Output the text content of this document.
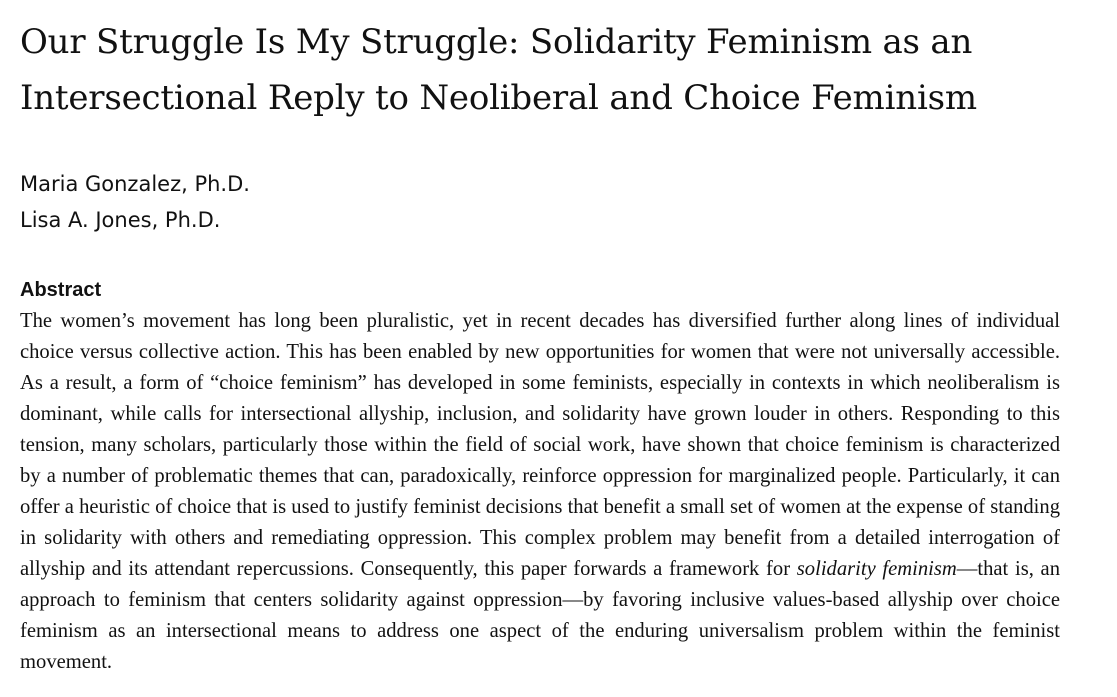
Our Struggle Is My Struggle: Solidarity Feminism as an
Intersectional Reply to Neoliberal and Choice Feminism
Maria Gonzalez, Ph.D.
Lisa A. Jones, Ph.D.
Abstract

The women’s movement has long been pluralistic, yet in recent decades has diversified further along lines of individual choice versus collective action. This has been enabled by new opportunities for women that were not universally accessible. As a result, a form of “choice feminism” has developed in some feminists, especially in contexts in which neoliberalism is dominant, while calls for intersectional allyship, inclusion, and solidarity have grown louder in others. Responding to this tension, many scholars, particularly those within the field of social work, have shown that choice feminism is characterized by a number of problematic themes that can, paradoxically, reinforce oppression for marginalized people. Particularly, it can offer a heuristic of choice that is used to justify feminist decisions that benefit a small set of women at the expense of standing in solidarity with others and remediating oppression. This complex problem may benefit from a detailed interrogation of allyship and its attendant repercussions. Consequently, this paper forwards a framework for solidarity feminism—that is, an approach to feminism that centers solidarity against oppression—by favoring inclusive values-based allyship over choice feminism as an intersectional means to address one aspect of the enduring universalism problem within the feminist movement.
